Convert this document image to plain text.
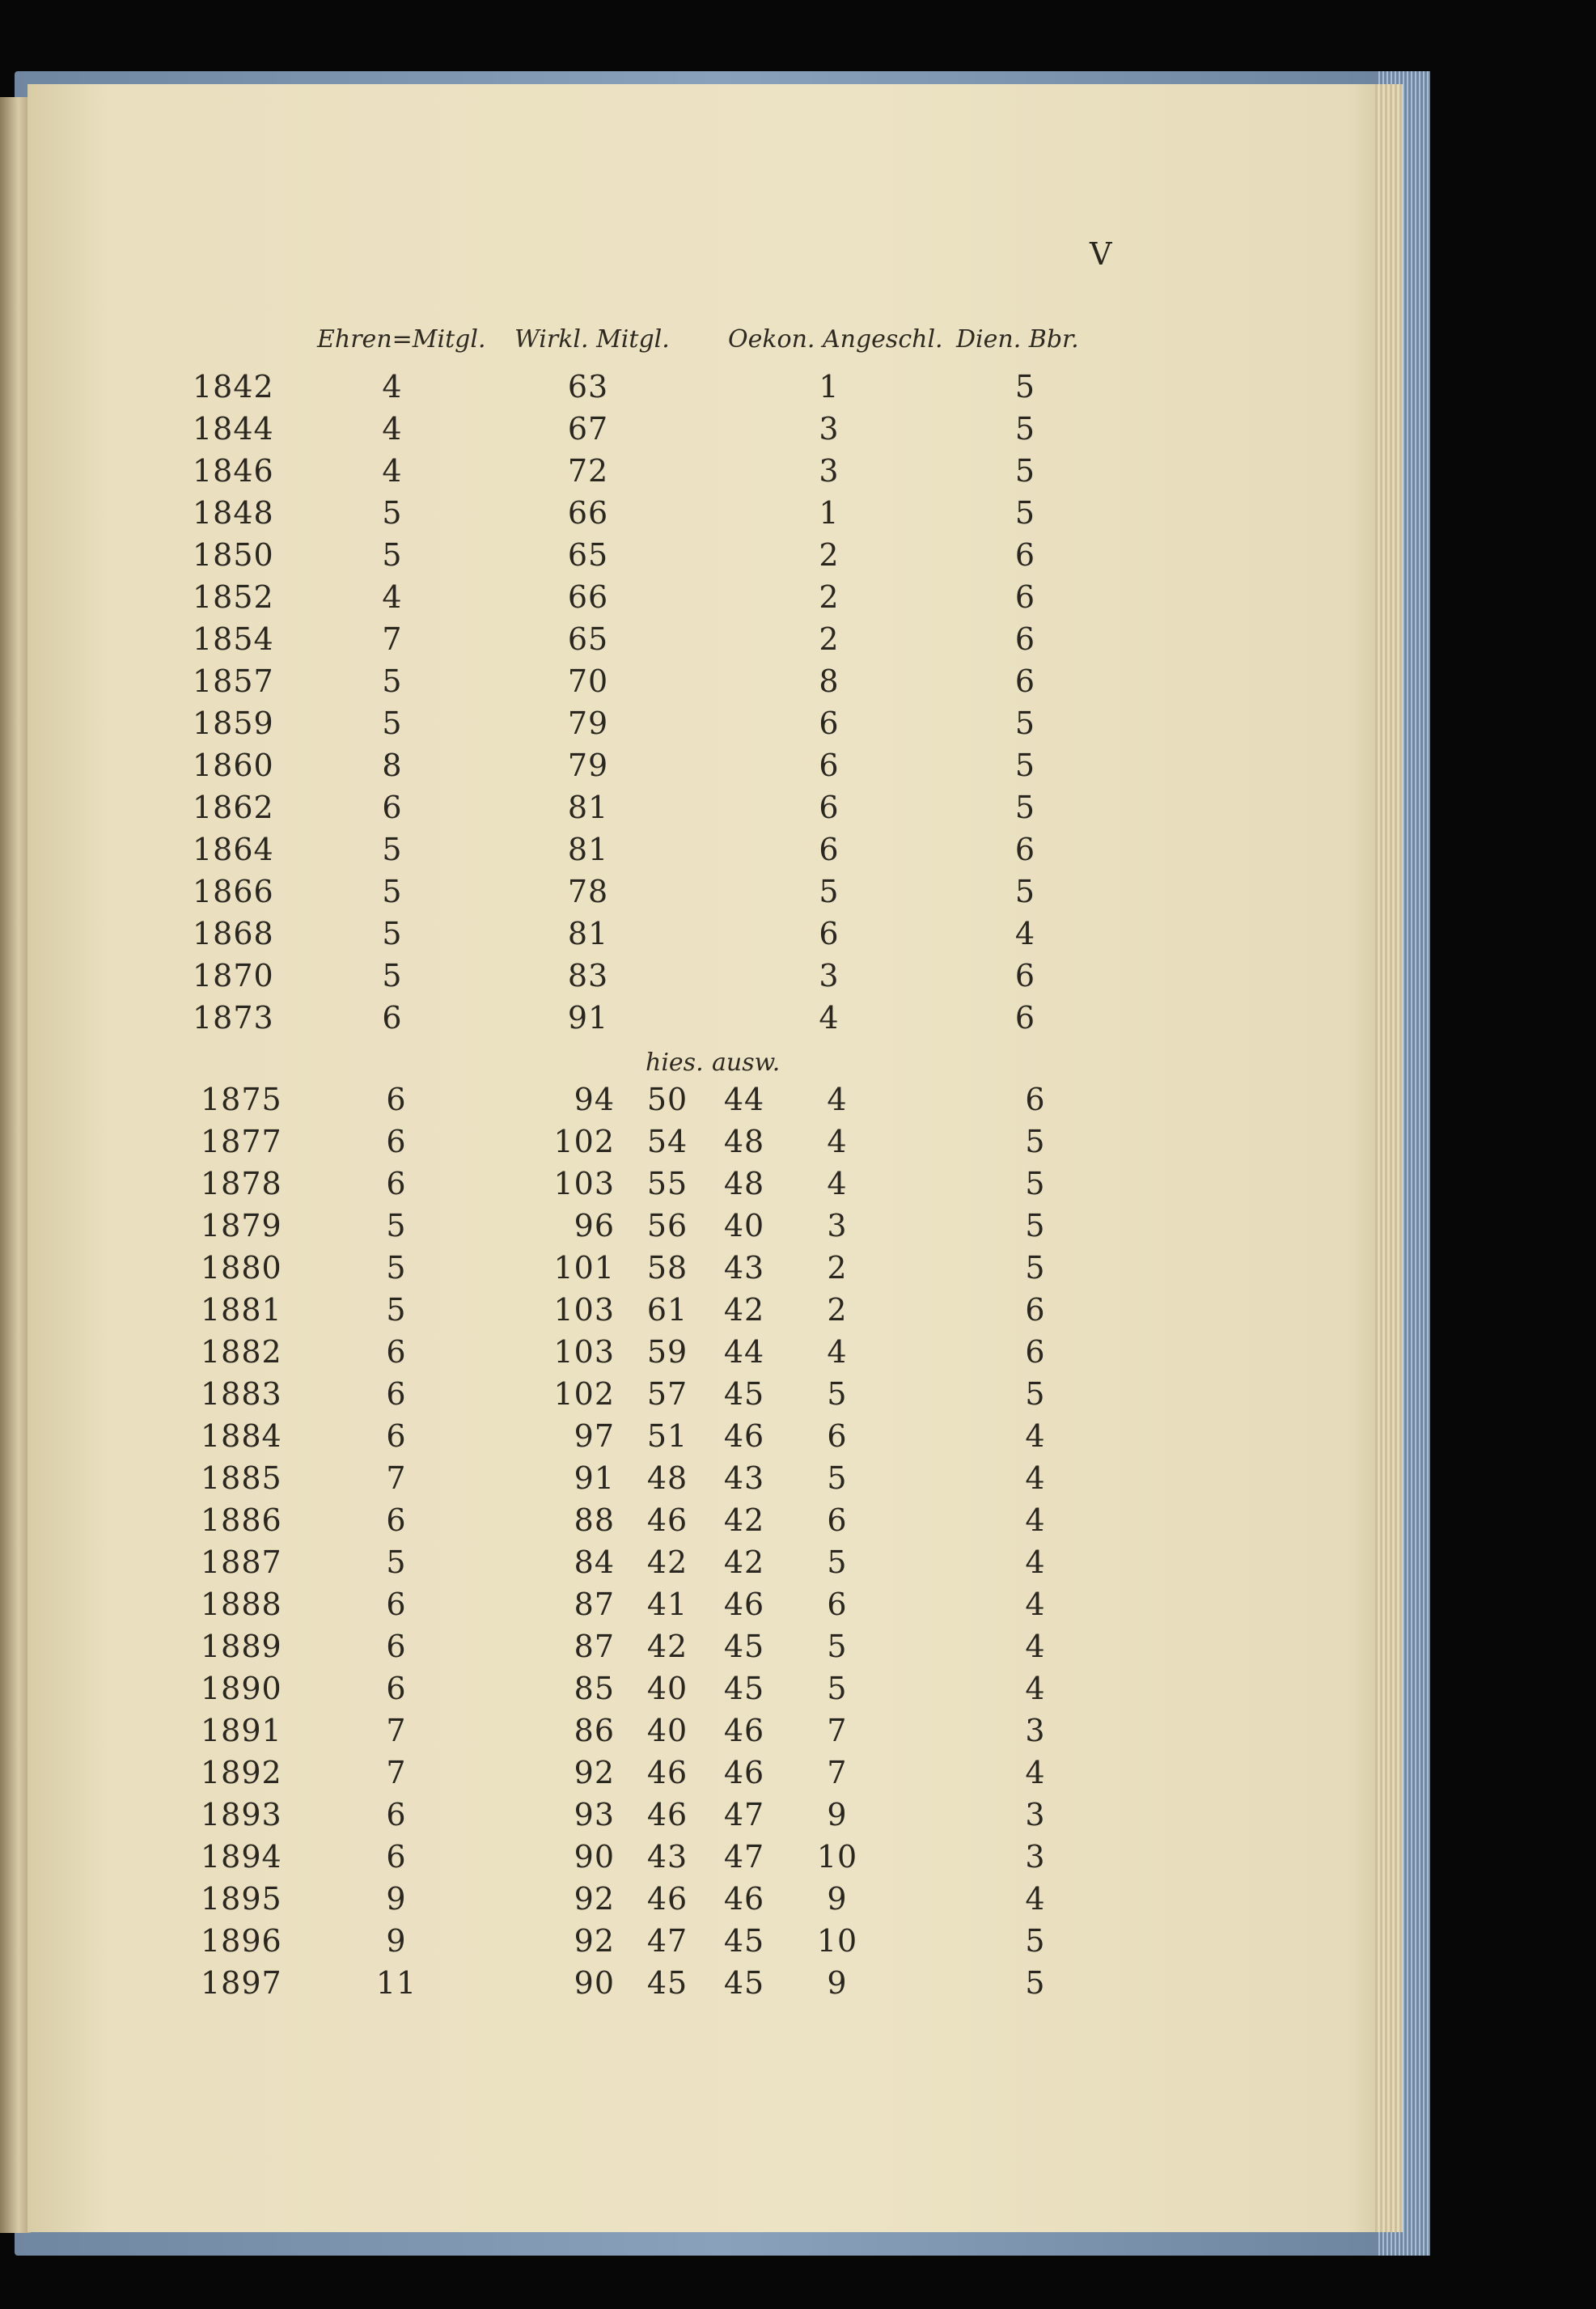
V
Ehren=Mitgl. Wirkl. Mitgl. Oekon. Angeschl. Dien. Bbr.
hies. ausw.
1842	4	63	1	5
1844	4	67	3	5
1846	4	72	3	5
1848	5	66	1	5
1850	5	65	2	6
1852	4	66	2	6
1854	7	65	2	6
1857	5	70	8	6
1859	5	79	6	5
1860	8	79	6	5
1862	6	81	6	5
1864	5	81	6	6
1866	5	78	5	5
1868	5	81	6	4
1870	5	83	3	6
1873	6	91	4	6
1875	6	94 50 44	4	6
1877	6	102 54 48	4	5
1878	6	103 55 48	4	5
1879	5	96 56 40	3	5
1880	5	101 58 43	2	5
1881	5	103 61 42	2	6
1882	6	103 59 44	4	6
1883	6	102 57 45	5	5
1884	6	97 51 46	6	4
1885	7	91 48 43	5	4
1886	6	88 46 42	6	4
1887	5	84 42 42	5	4
1888	6	87 41 46	6	4
1889	6	87 42 45	5	4
1890	6	85 40 45	5	4
1891	7	86 40 46	7	3
1892	7	92 46 46	7	4
1893	6	93 46 47	9	3
1894	6	90 43 47	10	3
1895	9	92 46 46	9	4
1896	9	92 47 45	10	5
1897	11	90 45 45	9	5
